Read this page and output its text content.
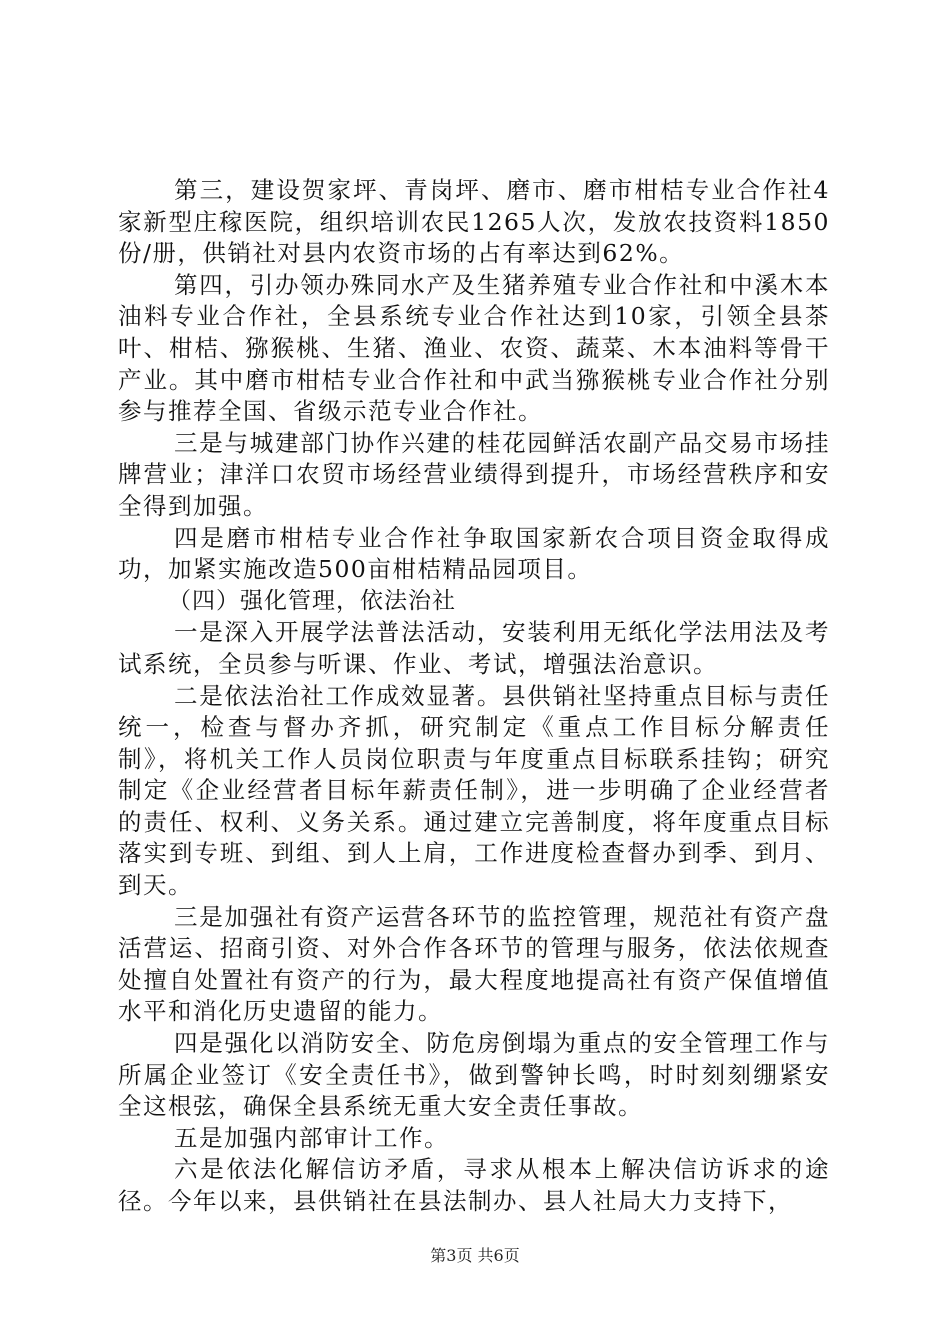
第三，建设贺家坪、青岗坪、磨市、磨市柑桔专业合作社4家新型庄稼医院，组织培训农民1265人次，发放农技资料1850份/册，供销社对县内农资市场的占有率达到62%。

第四，引办领办殊同水产及生猪养殖专业合作社和中溪木本油料专业合作社，全县系统专业合作社达到10家，引领全县茶叶、柑桔、猕猴桃、生猪、渔业、农资、蔬菜、木本油料等骨干产业。其中磨市柑桔专业合作社和中武当猕猴桃专业合作社分别参与推荐全国、省级示范专业合作社。

三是与城建部门协作兴建的桂花园鲜活农副产品交易市场挂牌营业；津洋口农贸市场经营业绩得到提升，市场经营秩序和安全得到加强。

四是磨市柑桔专业合作社争取国家新农合项目资金取得成功，加紧实施改造500亩柑桔精品园项目。

（四）强化管理，依法治社

一是深入开展学法普法活动，安装利用无纸化学法用法及考试系统，全员参与听课、作业、考试，增强法治意识。

二是依法治社工作成效显著。县供销社坚持重点目标与责任统一，检查与督办齐抓，研究制定《重点工作目标分解责任制》，将机关工作人员岗位职责与年度重点目标联系挂钩；研究制定《企业经营者目标年薪责任制》，进一步明确了企业经营者的责任、权利、义务关系。通过建立完善制度，将年度重点目标落实到专班、到组、到人上肩，工作进度检查督办到季、到月、到天。

三是加强社有资产运营各环节的监控管理，规范社有资产盘活营运、招商引资、对外合作各环节的管理与服务，依法依规查处擅自处置社有资产的行为，最大程度地提高社有资产保值增值水平和消化历史遗留的能力。

四是强化以消防安全、防危房倒塌为重点的安全管理工作与所属企业签订《安全责任书》，做到警钟长鸣，时时刻刻绷紧安全这根弦，确保全县系统无重大安全责任事故。

五是加强内部审计工作。

六是依法化解信访矛盾，寻求从根本上解决信访诉求的途径。今年以来，县供销社在县法制办、县人社局大力支持下，

第3页 共6页
